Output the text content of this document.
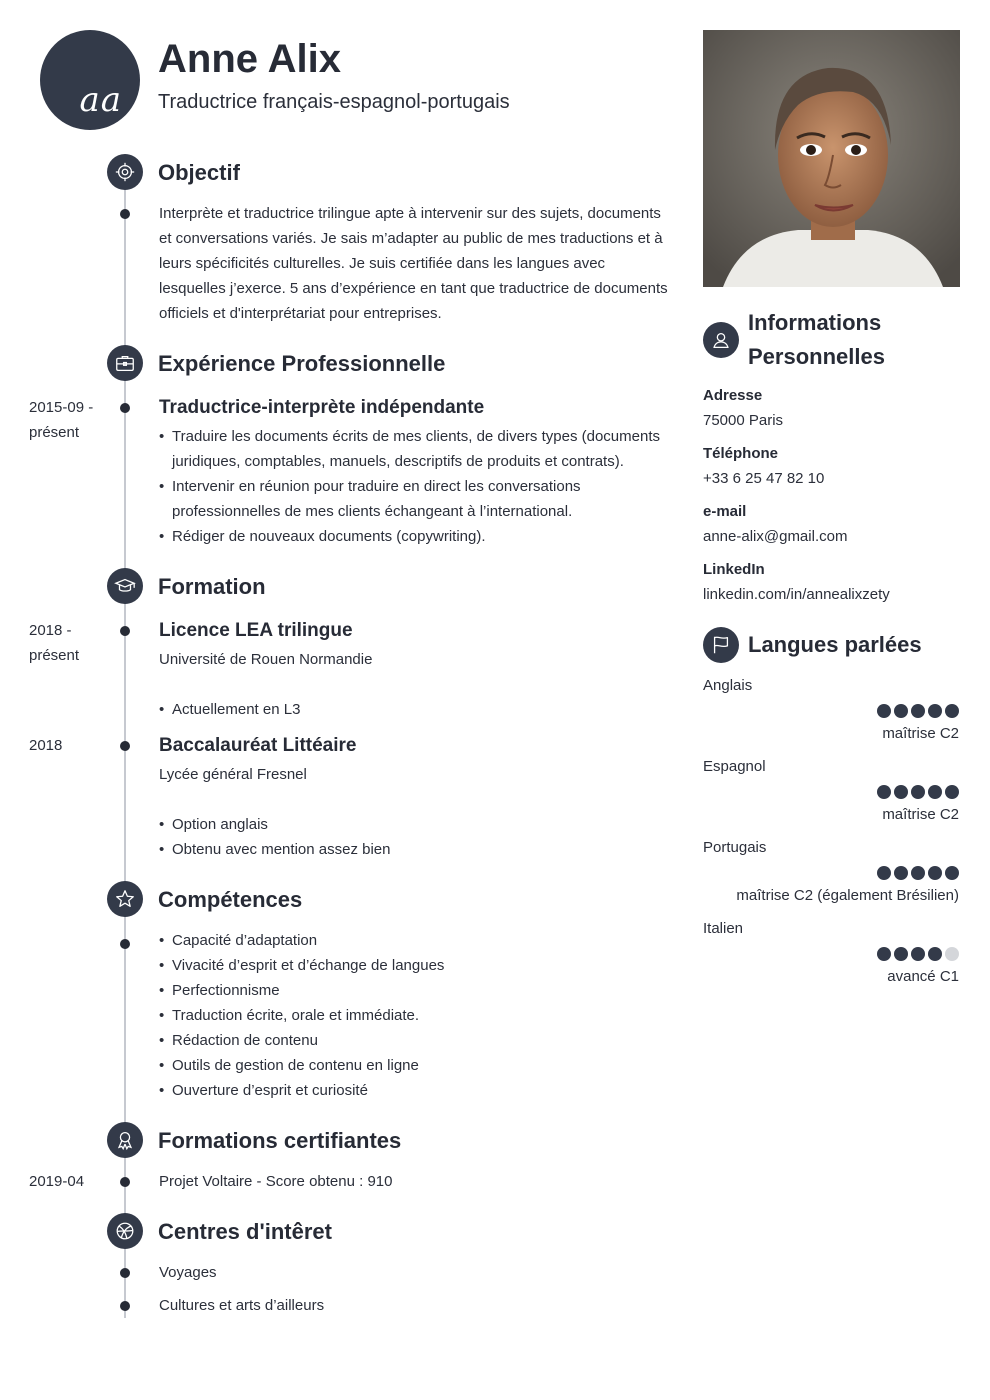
aa
Anne Alix
Traductrice français-espagnol-portugais
Objectif
Interprète et traductrice trilingue apte à intervenir sur des sujets, documents et conversations variés. Je sais m’adapter au public de mes traductions et à leurs spécificités culturelles. Je suis certifiée dans les langues avec lesquelles j’exerce. 5 ans d’expérience en tant que traductrice de documents officiels et d'interprétariat pour entreprises.
Expérience Professionnelle
2015-09 - présent
Traductrice-interprète indépendante
• Traduire les documents écrits de mes clients, de divers types (documents juridiques, comptables, manuels, descriptifs de produits et contrats).
• Intervenir en réunion pour traduire en direct les conversations professionnelles de mes clients échangeant à l’international.
• Rédiger de nouveaux documents (copywriting).
Formation
2018 - présent
Licence LEA trilingue
Université de Rouen Normandie
• Actuellement en L3
2018	Baccalauréat Littéaire
Lycée général Fresnel
• Option anglais
• Obtenu avec mention assez bien
Compétences
• Capacité d’adaptation
• Vivacité d’esprit et d’échange de langues
• Perfectionnisme
• Traduction écrite, orale et immédiate.
• Rédaction de contenu
• Outils de gestion de contenu en ligne
• Ouverture d’esprit et curiosité
Formations certifiantes
2019-04	Projet Voltaire - Score obtenu : 910
Centres d'intêret
Voyages
Cultures et arts d’ailleurs
Informations
Personnelles
Adresse
75000 Paris
Téléphone
+33 6 25 47 82 10
e-mail
anne-alix@gmail.com
LinkedIn
linkedin.com/in/annealixzety
Langues parlées
Anglais
maîtrise C2
Espagnol
maîtrise C2
Portugais
maîtrise C2 (également Brésilien)
Italien
avancé C1
